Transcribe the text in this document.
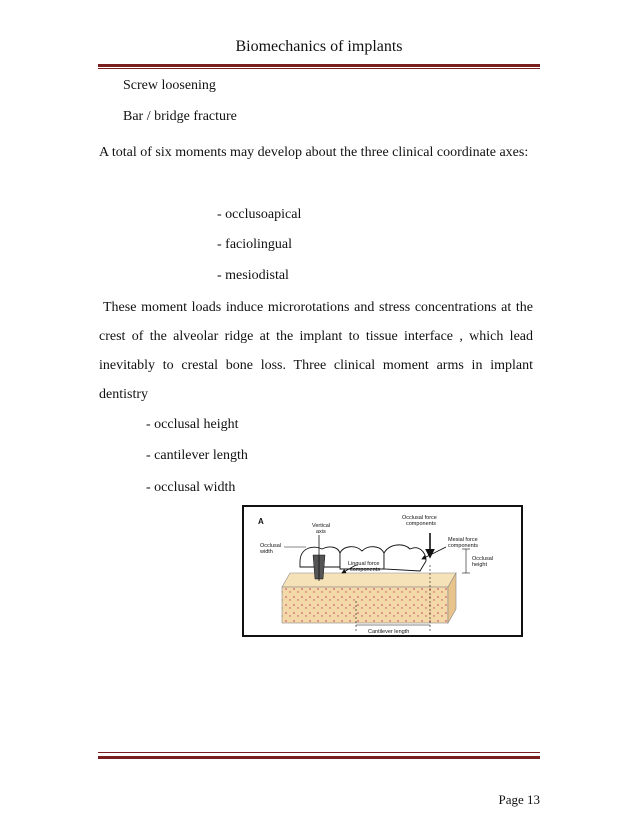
Biomechanics of implants
Screw loosening
Bar / bridge fracture
A total of six moments may develop about the three clinical coordinate axes:
- occlusoapical
- faciolingual
- mesiodistal
These moment loads induce microrotations and stress concentrations at the crest of the alveolar ridge at the implant to tissue interface , which lead inevitably to crestal bone loss. Three clinical moment arms in implant dentistry
- occlusal height
- cantilever length
- occlusal width
A	Vertical
axis
Occlusal force
components
Mesial force
components
Occlusal
width
Occlusal
height
Lingual force
components
Cantilever length
Page 13
